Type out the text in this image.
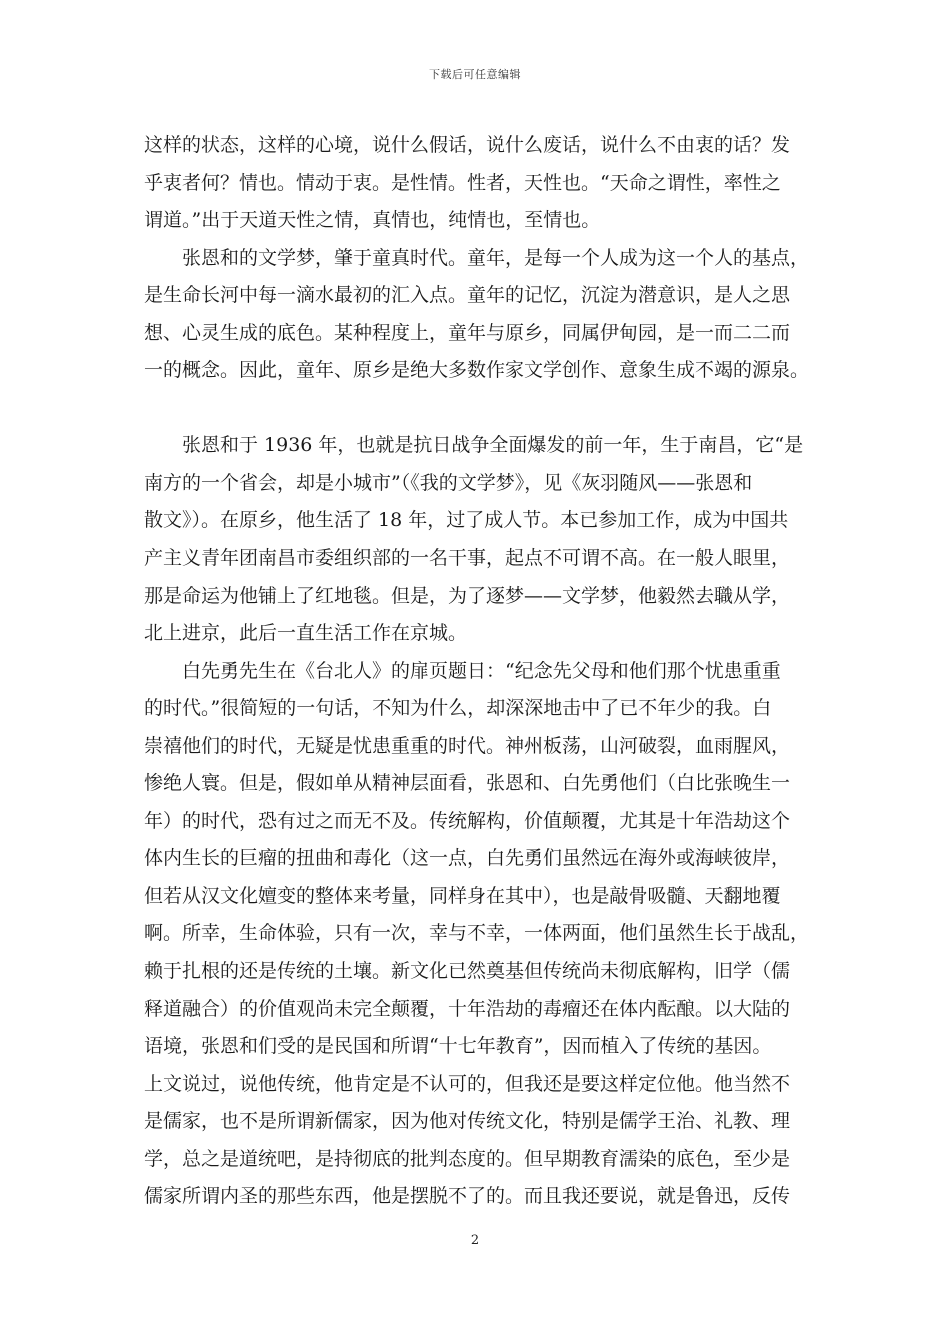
下载后可任意编辑
这样的状态，这样的心境，说什么假话，说什么废话，说什么不由衷的话？发
乎衷者何？情也。情动于衷。是性情。性者，天性也。“天命之谓性，率性之
谓道。”出于天道天性之情，真情也，纯情也，至情也。
　　张恩和的文学梦，肇于童真时代。童年，是每一个人成为这一个人的基点，
是生命长河中每一滴水最初的汇入点。童年的记忆，沉淀为潜意识，是人之思
想、心灵生成的底色。某种程度上，童年与原乡，同属伊甸园，是一而二二而
一的概念。因此，童年、原乡是绝大多数作家文学创作、意象生成不竭的源泉。
　　张恩和于 1936 年，也就是抗日战争全面爆发的前一年，生于南昌，它“是
南方的一个省会，却是小城市”（《我的文学梦》，见《灰羽随风——张恩和
散文》）。在原乡，他生活了 18 年，过了成人节。本已参加工作，成为中国共
产主义青年团南昌市委组织部的一名干事，起点不可谓不高。在一般人眼里，
那是命运为他铺上了红地毯。但是，为了逐梦——文学梦，他毅然去職从学，
北上进京，此后一直生活工作在京城。
　　白先勇先生在《台北人》的扉页题日：“纪念先父母和他们那个忧患重重
的时代。”很简短的一句话，不知为什么，却深深地击中了已不年少的我。白
崇禧他们的时代，无疑是忧患重重的时代。神州板荡，山河破裂，血雨腥风，
惨绝人寰。但是，假如单从精神层面看，张恩和、白先勇他们（白比张晚生一
年）的时代，恐有过之而无不及。传统解构，价值颠覆，尤其是十年浩劫这个
体内生长的巨瘤的扭曲和毒化（这一点，白先勇们虽然远在海外或海峡彼岸，
但若从汉文化嬗变的整体来考量，同样身在其中），也是敲骨吸髓、天翻地覆
啊。所幸，生命体验，只有一次，幸与不幸，一体两面，他们虽然生长于战乱，
赖于扎根的还是传统的土壤。新文化已然奠基但传统尚未彻底解构，旧学（儒
释道融合）的价值观尚未完全颠覆，十年浩劫的毒瘤还在体内酝酿。以大陆的
语境，张恩和们受的是民国和所谓“十七年教育”，因而植入了传统的基因。
上文说过，说他传统，他肯定是不认可的，但我还是要这样定位他。他当然不
是儒家，也不是所谓新儒家，因为他对传统文化，特别是儒学王治、礼教、理
学，总之是道统吧，是持彻底的批判态度的。但早期教育濡染的底色，至少是
儒家所谓内圣的那些东西，他是摆脱不了的。而且我还要说，就是鲁迅，反传
2
